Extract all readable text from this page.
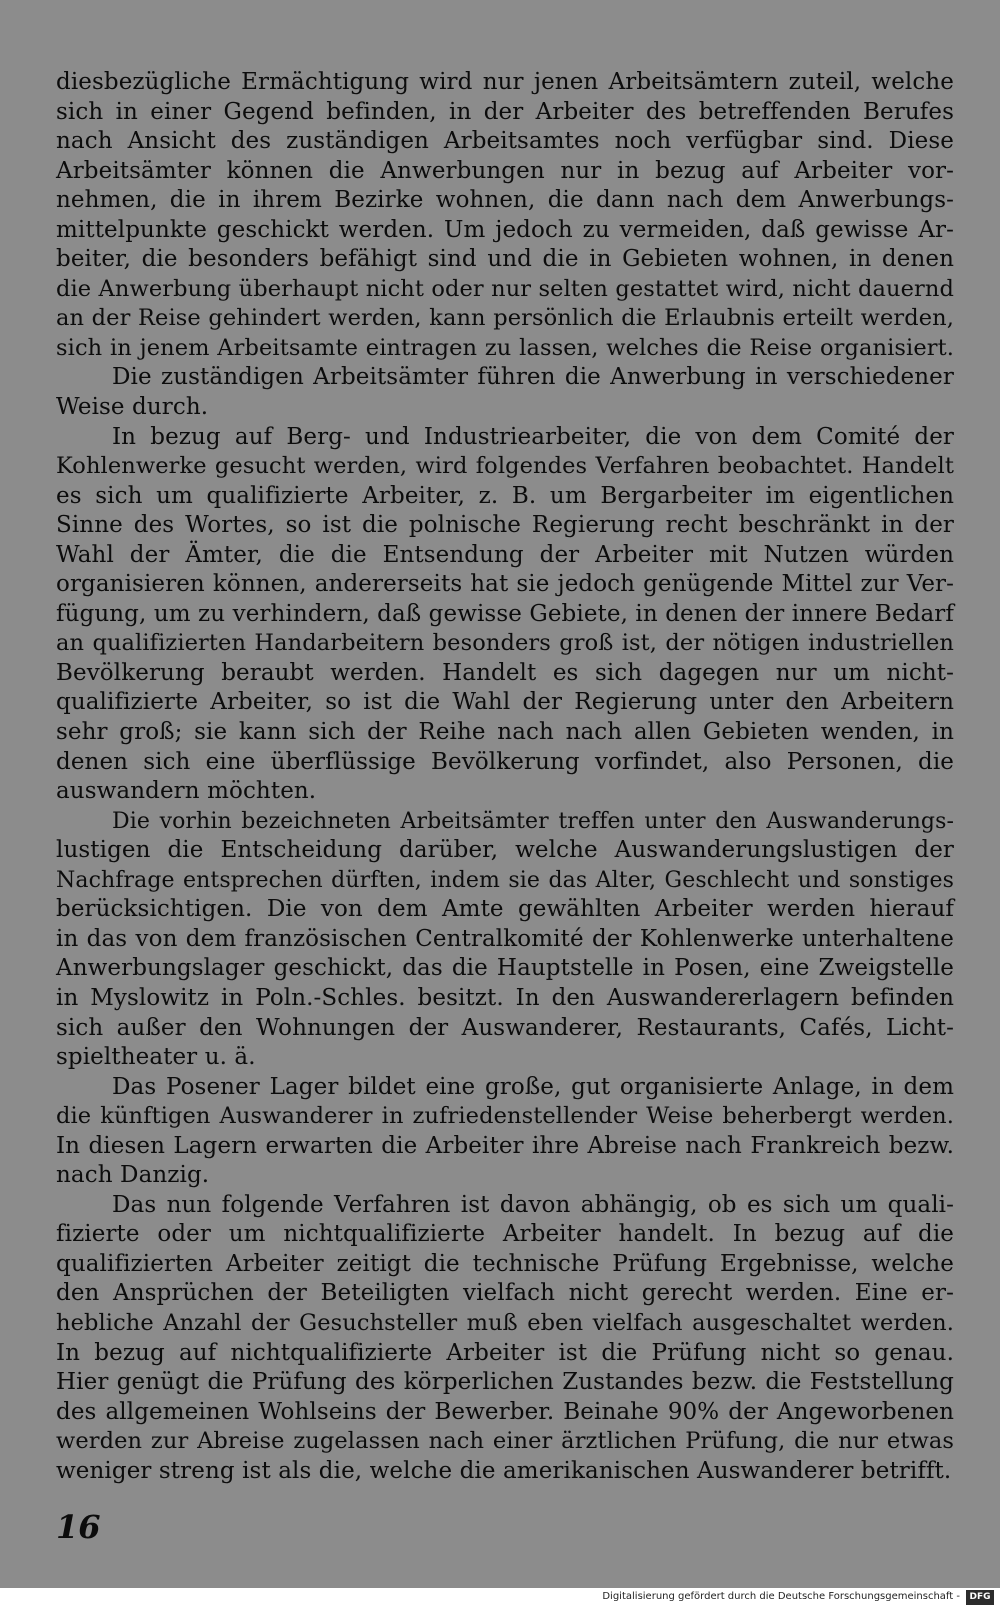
diesbezügliche Ermächtigung wird nur jenen Arbeitsämtern zuteil, welche
sich in einer Gegend befinden, in der Arbeiter des betreffenden Berufes
nach Ansicht des zuständigen Arbeitsamtes noch verfügbar sind. Diese
Arbeitsämter können die Anwerbungen nur in bezug auf Arbeiter vor-
nehmen, die in ihrem Bezirke wohnen, die dann nach dem Anwerbungs-
mittelpunkte geschickt werden. Um jedoch zu vermeiden, daß gewisse Ar-
beiter, die besonders befähigt sind und die in Gebieten wohnen, in denen
die Anwerbung überhaupt nicht oder nur selten gestattet wird, nicht dauernd
an der Reise gehindert werden, kann persönlich die Erlaubnis erteilt werden,
sich in jenem Arbeitsamte eintragen zu lassen, welches die Reise organisiert.
Die zuständigen Arbeitsämter führen die Anwerbung in verschiedener
Weise durch.
In bezug auf Berg- und Industriearbeiter, die von dem Comité der
Kohlenwerke gesucht werden, wird folgendes Verfahren beobachtet. Handelt
es sich um qualifizierte Arbeiter, z. B. um Bergarbeiter im eigentlichen
Sinne des Wortes, so ist die polnische Regierung recht beschränkt in der
Wahl der Ämter, die die Entsendung der Arbeiter mit Nutzen würden
organisieren können, andererseits hat sie jedoch genügende Mittel zur Ver-
fügung, um zu verhindern, daß gewisse Gebiete, in denen der innere Bedarf
an qualifizierten Handarbeitern besonders groß ist, der nötigen industriellen
Bevölkerung beraubt werden. Handelt es sich dagegen nur um nicht-
qualifizierte Arbeiter, so ist die Wahl der Regierung unter den Arbeitern
sehr groß; sie kann sich der Reihe nach nach allen Gebieten wenden, in
denen sich eine überflüssige Bevölkerung vorfindet, also Personen, die
auswandern möchten.
Die vorhin bezeichneten Arbeitsämter treffen unter den Auswanderungs-
lustigen die Entscheidung darüber, welche Auswanderungslustigen der
Nachfrage entsprechen dürften, indem sie das Alter, Geschlecht und sonstiges
berücksichtigen. Die von dem Amte gewählten Arbeiter werden hierauf
in das von dem französischen Centralkomité der Kohlenwerke unterhaltene
Anwerbungslager geschickt, das die Hauptstelle in Posen, eine Zweigstelle
in Myslowitz in Poln.-Schles. besitzt. In den Auswandererlagern befinden
sich außer den Wohnungen der Auswanderer, Restaurants, Cafés, Licht-
spieltheater u. ä.
Das Posener Lager bildet eine große, gut organisierte Anlage, in dem
die künftigen Auswanderer in zufriedenstellender Weise beherbergt werden.
In diesen Lagern erwarten die Arbeiter ihre Abreise nach Frankreich bezw.
nach Danzig.
Das nun folgende Verfahren ist davon abhängig, ob es sich um quali-
fizierte oder um nichtqualifizierte Arbeiter handelt. In bezug auf die
qualifizierten Arbeiter zeitigt die technische Prüfung Ergebnisse, welche
den Ansprüchen der Beteiligten vielfach nicht gerecht werden. Eine er-
hebliche Anzahl der Gesuchsteller muß eben vielfach ausgeschaltet werden.
In bezug auf nichtqualifizierte Arbeiter ist die Prüfung nicht so genau.
Hier genügt die Prüfung des körperlichen Zustandes bezw. die Feststellung
des allgemeinen Wohlseins der Bewerber. Beinahe 90% der Angeworbenen
werden zur Abreise zugelassen nach einer ärztlichen Prüfung, die nur etwas
weniger streng ist als die, welche die amerikanischen Auswanderer betrifft.
16
Digitalisierung gefördert durch die Deutsche Forschungsgemeinschaft -	DFG
